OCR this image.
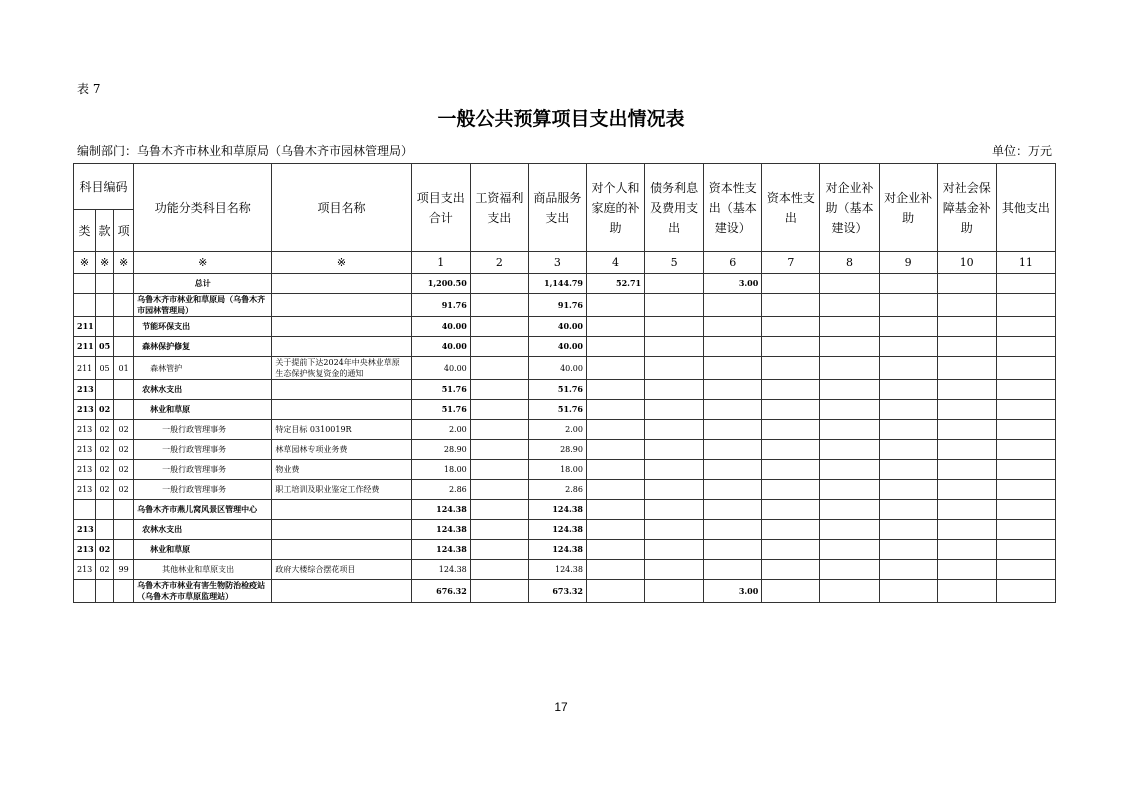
表 7
一般公共预算项目支出情况表
编制部门：乌鲁木齐市林业和草原局（乌鲁木齐市园林管理局）	单位：万元
科目编码			功能分类科目名称	项目名称	项目支出合计	工资福利支出	商品服务支出	对个人和家庭的补助	债务利息及费用支出	资本性支出（基本建设）	资本性支出	对企业补助（基本建设）	对企业补助	对社会保障基金补助	其他支出
类	款	项													
※	※	※	※	※	1	2	3	4	5	6	7	8	9	10	11
			总计		1,200.50		1,144.79	52.71		3.00					
			乌鲁木齐市林业和草原局（乌鲁木齐市园林管理局）		91.76		91.76								
211			节能环保支出		40.00		40.00								
211	05		森林保护修复		40.00		40.00								
211	05	01	森林管护	关于提前下达2024年中央林业草原生态保护恢复资金的通知	40.00		40.00								
213			农林水支出		51.76		51.76								
213	02		林业和草原		51.76		51.76								
213	02	02	一般行政管理事务	特定目标 0310019R	2.00		2.00								
213	02	02	一般行政管理事务	林草园林专项业务费	28.90		28.90								
213	02	02	一般行政管理事务	物业费	18.00		18.00								
213	02	02	一般行政管理事务	职工培训及职业鉴定工作经费	2.86		2.86								
			乌鲁木齐市燕儿窝风景区管理中心		124.38		124.38								
213			农林水支出		124.38		124.38								
213	02		林业和草原		124.38		124.38								
213	02	99	其他林业和草原支出	政府大楼综合摆花项目	124.38		124.38								
			乌鲁木齐市林业有害生物防治检疫站（乌鲁木齐市草原监理站）		676.32		673.32			3.00					
17
